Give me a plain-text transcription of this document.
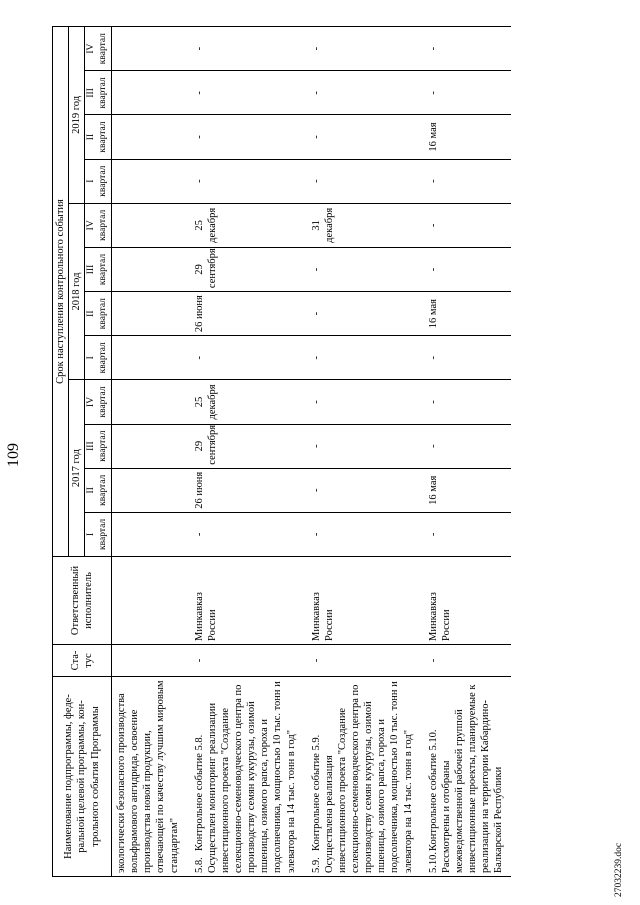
109
Наименование подпрограммы, феде-ральной целевой программы, кон-трольного события Программы	Ста-тус	Ответственный исполнитель	Срок наступления контрольного события											
			2017 год				2018 год				2019 год			
			I квартал	II квартал	III квартал	IV квартал	I квартал	II квартал	III квартал	IV квартал	I квартал	II квартал	III квартал	IV квартал
экологически безопасного производства вольфрамового ангидрида, освоение производства новой продукции, отвечающей по качеству лучшим мировым стандартам"														
5.8.Контрольное событие 5.8. Осуществлен мониторинг реализации инвестиционного проекта "Создание селекционно-семеноводческого центра по производству семян кукурузы, озимой пшеницы, озимого рапса, гороха и подсолнечника, мощностью 10 тыс. тонн и элеватора на 14 тыс. тонн в год"	-	Минкавказ России	-	26 июня	29 сентября	25 декабря	-	26 июня	29 сентября	25 декабря	-	-	-	-
5.9.Контрольное событие 5.9. Осуществлена реализация инвестиционного проекта "Создание селекционно-семеноводческого центра по производству семян кукурузы, озимой пшеницы, озимого рапса, гороха и подсолнечника, мощностью 10 тыс. тонн и элеватора на 14 тыс. тонн в год"	-	Минкавказ России	-	-	-	-	-	-	-	31 декабря	-	-	-	-
5.10.Контрольное событие 5.10. Рассмотрены и отобраны межведомственной рабочей группой инвестиционные проекты, планируемые к реализации на территории Кабардино-Балкарской Республики	-	Минкавказ России	-	16 мая	-	-	-	16 мая	-	-	-	16 мая	-	-
27032239.doc
